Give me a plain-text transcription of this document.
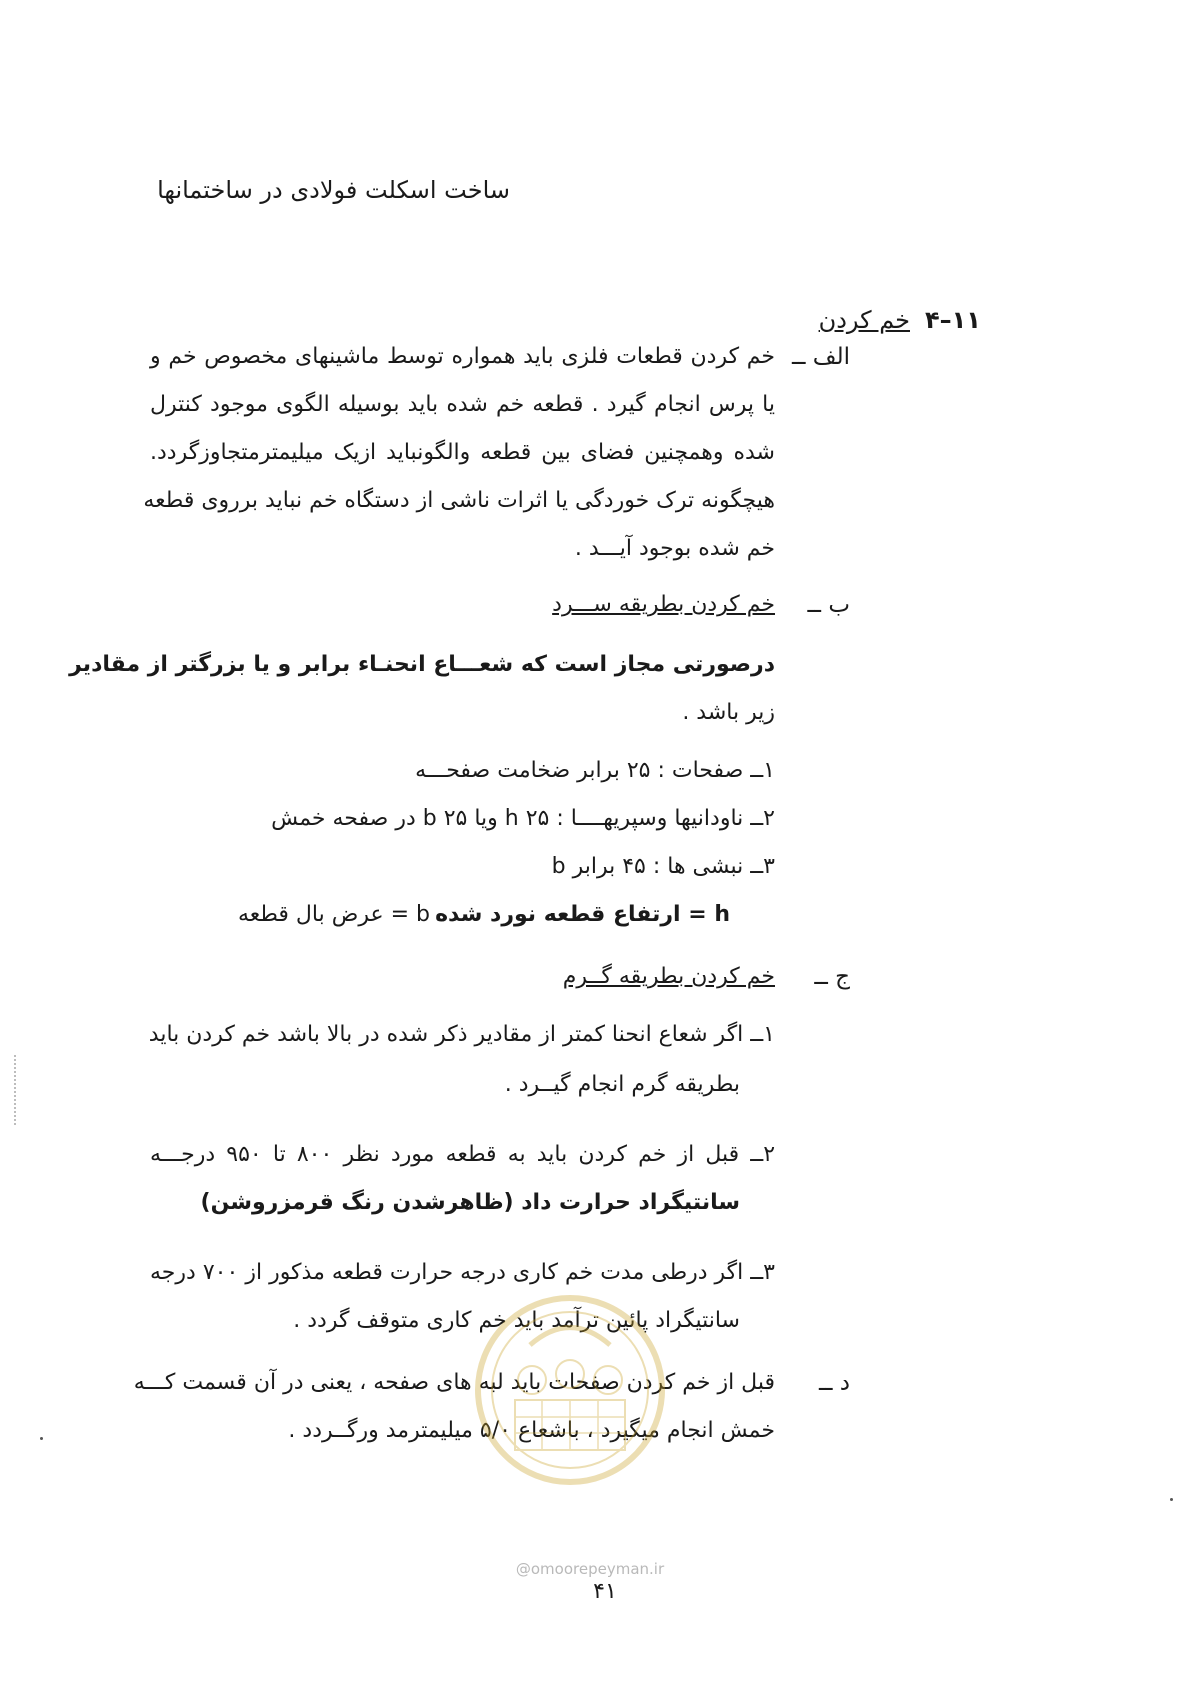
ساخت اسکلت فولادی در ساختمانها
۴–۱۱
خم کردن
الف ــ
خم کردن قطعات فلزی باید همواره توسط ماشینهای مخصوص خم و
یا پرس انجام گیرد . قطعه خم شده باید بوسیله الگوی موجود کنترل
شده وهمچنین فضای بین قطعه والگونباید ازیک میلیمترمتجاوزگردد.
هیچگونه ترک خوردگی یا اثرات ناشی از دستگاه خم نباید برروی قطعه
خم شده بوجود آیـــد .
ب ــ
خم کردن بطریقه ســـرد
درصورتی مجاز است که شعـــاع انحنـاء برابر و یا بزرگتر از مقادیر
زیر باشد .
۱ــ صفحات : ۲۵ برابر ضخامت صفحـــه
۲ــ ناودانیها وسپریهــــا : h ۲۵ ویا b ۲۵ در صفحه خمش
۳ــ نبشی ها : ۴۵ برابر b
h = ارتفاع قطعه نورد شده
b = عرض بال قطعه
ج ــ
خم کردن بطریقه گــرم
۱ــ اگر شعاع انحنا کمتر از مقادیر ذکر شده در بالا باشد خم کردن باید
بطریقه گرم انجام گیــرد .
۲ــ قبل از خم کردن باید به قطعه مورد نظر ۸۰۰ تا ۹۵۰ درجـــه
سانتیگراد حرارت داد (ظاهرشدن رنگ قرمزروشن)
۳ــ اگر درطی مدت خم کاری درجه حرارت قطعه مذکور از ۷۰۰ درجه
سانتیگراد پائین ترآمد باید خم کاری متوقف گردد .
د ــ
قبل از خم کردن صفحات باید لبه های صفحه ، یعنی در آن قسمت کـــه
خمش انجام میگیرد ، باشعاع ۵/۰ میلیمترمد ورگــردد .
@omoorepeyman.ir
۴۱
